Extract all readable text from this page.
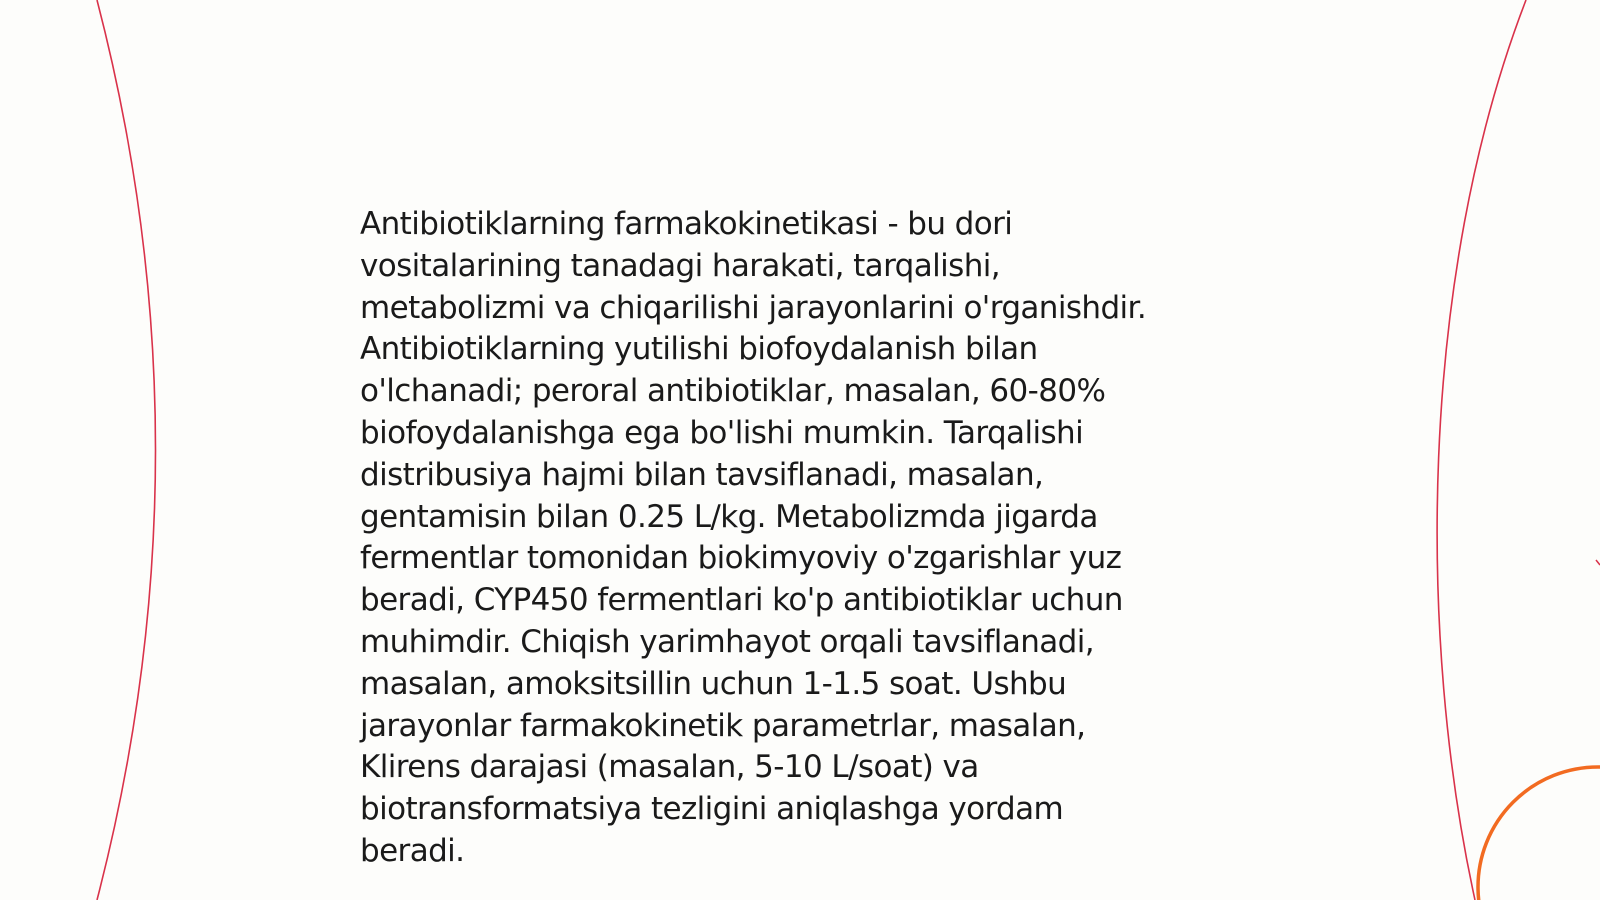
Antibiotiklarning farmakokinetikasi - bu dori
vositalarining tanadagi harakati, tarqalishi,
metabolizmi va chiqarilishi jarayonlarini o'rganishdir.
Antibiotiklarning yutilishi biofoydalanish bilan
o'lchanadi; peroral antibiotiklar, masalan, 60-80%
biofoydalanishga ega bo'lishi mumkin. Tarqalishi
distribusiya hajmi bilan tavsiflanadi, masalan,
gentamisin bilan 0.25 L/kg. Metabolizmda jigarda
fermentlar tomonidan biokimyoviy o'zgarishlar yuz
beradi, CYP450 fermentlari ko'p antibiotiklar uchun
muhimdir. Chiqish yarimhayot orqali tavsiflanadi,
masalan, amoksitsillin uchun 1-1.5 soat. Ushbu
jarayonlar farmakokinetik parametrlar, masalan,
Klirens darajasi (masalan, 5-10 L/soat) va
biotransformatsiya tezligini aniqlashga yordam
beradi.
